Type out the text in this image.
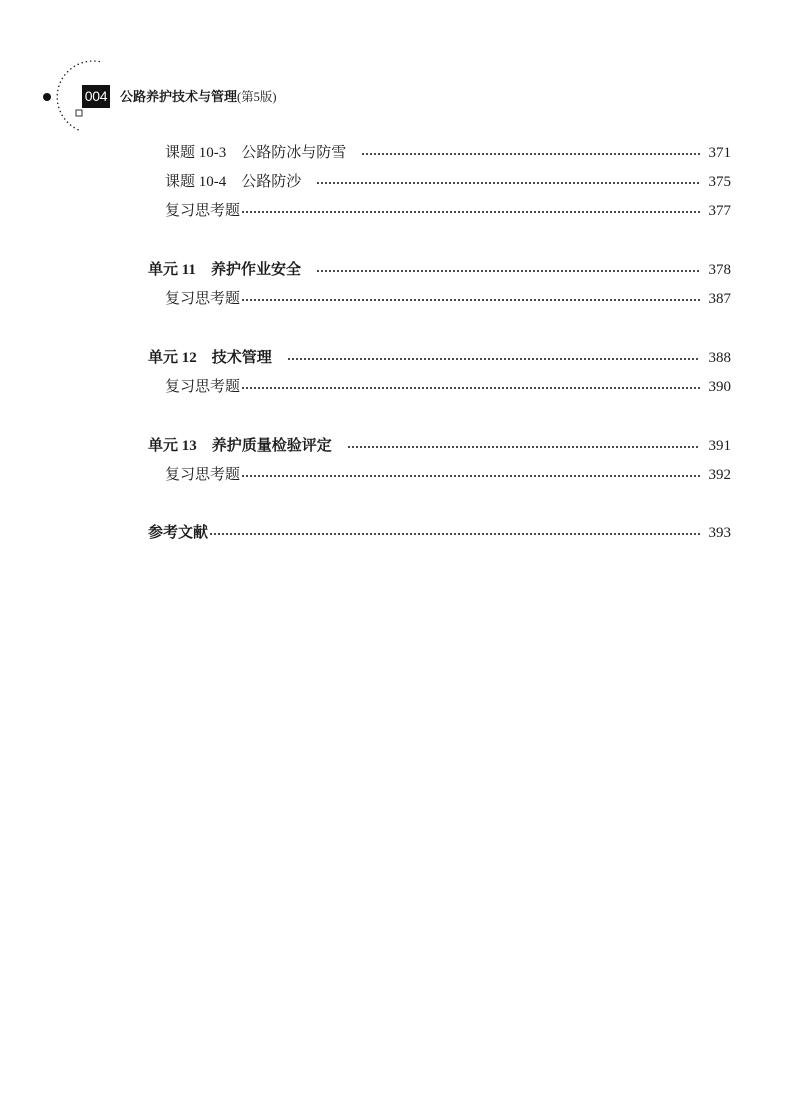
004 公路养护技术与管理(第5版)
课题 10-3 公路防冰与防雪	371
课题 10-4 公路防沙	375
复习思考题	377
单元 11 养护作业安全	378
复习思考题	387
单元 12 技术管理	388
复习思考题	390
单元 13 养护质量检验评定	391
复习思考题	392
参考文献	393
